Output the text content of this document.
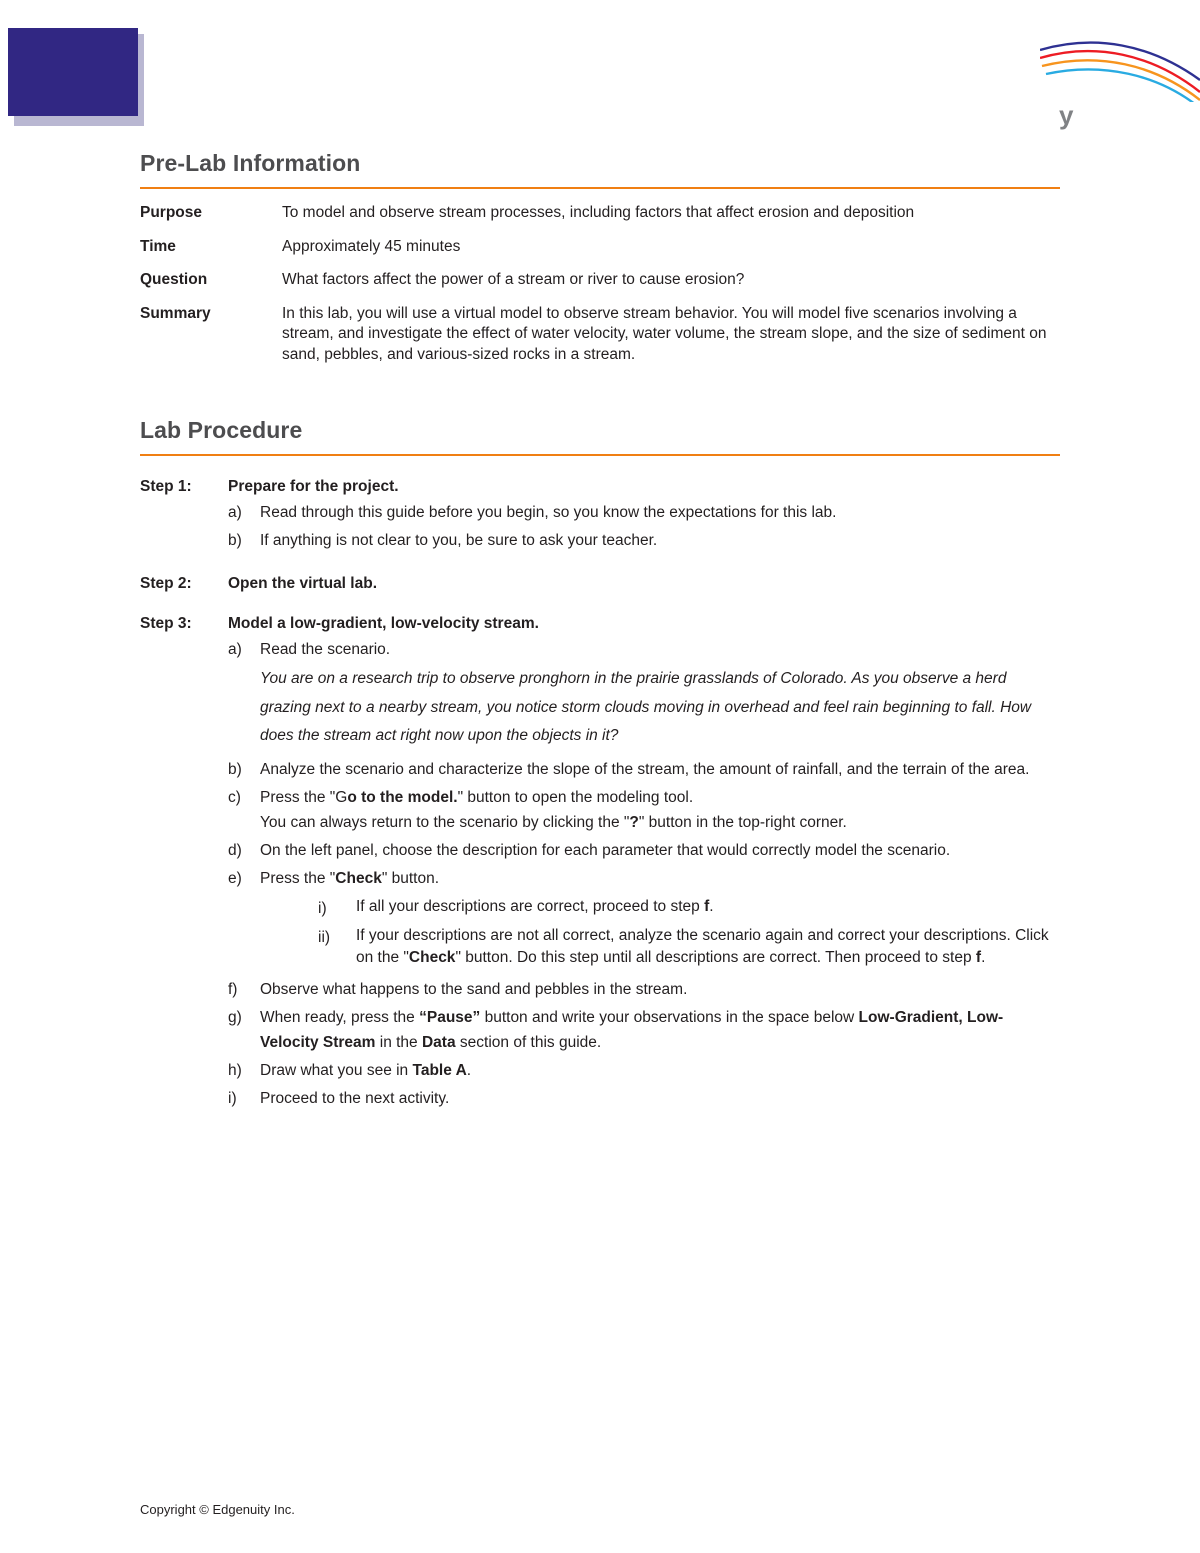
y
Pre-Lab Information
Purpose	To model and observe stream processes, including factors that affect erosion and deposition
Time	Approximately 45 minutes
Question	What factors affect the power of a stream or river to cause erosion?
Summary	In this lab, you will use a virtual model to observe stream behavior. You will model five scenarios involving a stream, and investigate the effect of water velocity, water volume, the stream slope, and the size of sediment on sand, pebbles, and various-sized rocks in a stream.
Lab Procedure
Step 1:	Prepare for the project.
a)	Read through this guide before you begin, so you know the expectations for this lab.
b)	If anything is not clear to you, be sure to ask your teacher.
Step 2:	Open the virtual lab.
Step 3:	Model a low-gradient, low-velocity stream.
a)	Read the scenario.
You are on a research trip to observe pronghorn in the prairie grasslands of Colorado. As you observe a herd grazing next to a nearby stream, you notice storm clouds moving in overhead and feel rain beginning to fall. How does the stream act right now upon the objects in it?
b)	Analyze the scenario and characterize the slope of the stream, the amount of rainfall, and the terrain of the area.
c)	Press the "Go to the model." button to open the modeling tool.
You can always return to the scenario by clicking the "?" button in the top-right corner.
d)	On the left panel, choose the description for each parameter that would correctly model the scenario.
e)	Press the "Check" button.
i)	If all your descriptions are correct, proceed to step f.
ii)	If your descriptions are not all correct, analyze the scenario again and correct your descriptions. Click on the "Check" button. Do this step until all descriptions are correct. Then proceed to step f.
f)	Observe what happens to the sand and pebbles in the stream.
g)	When ready, press the “Pause” button and write your observations in the space below Low-Gradient, Low-Velocity Stream in the Data section of this guide.
h)	Draw what you see in Table A.
i)	Proceed to the next activity.
Copyright © Edgenuity Inc.
